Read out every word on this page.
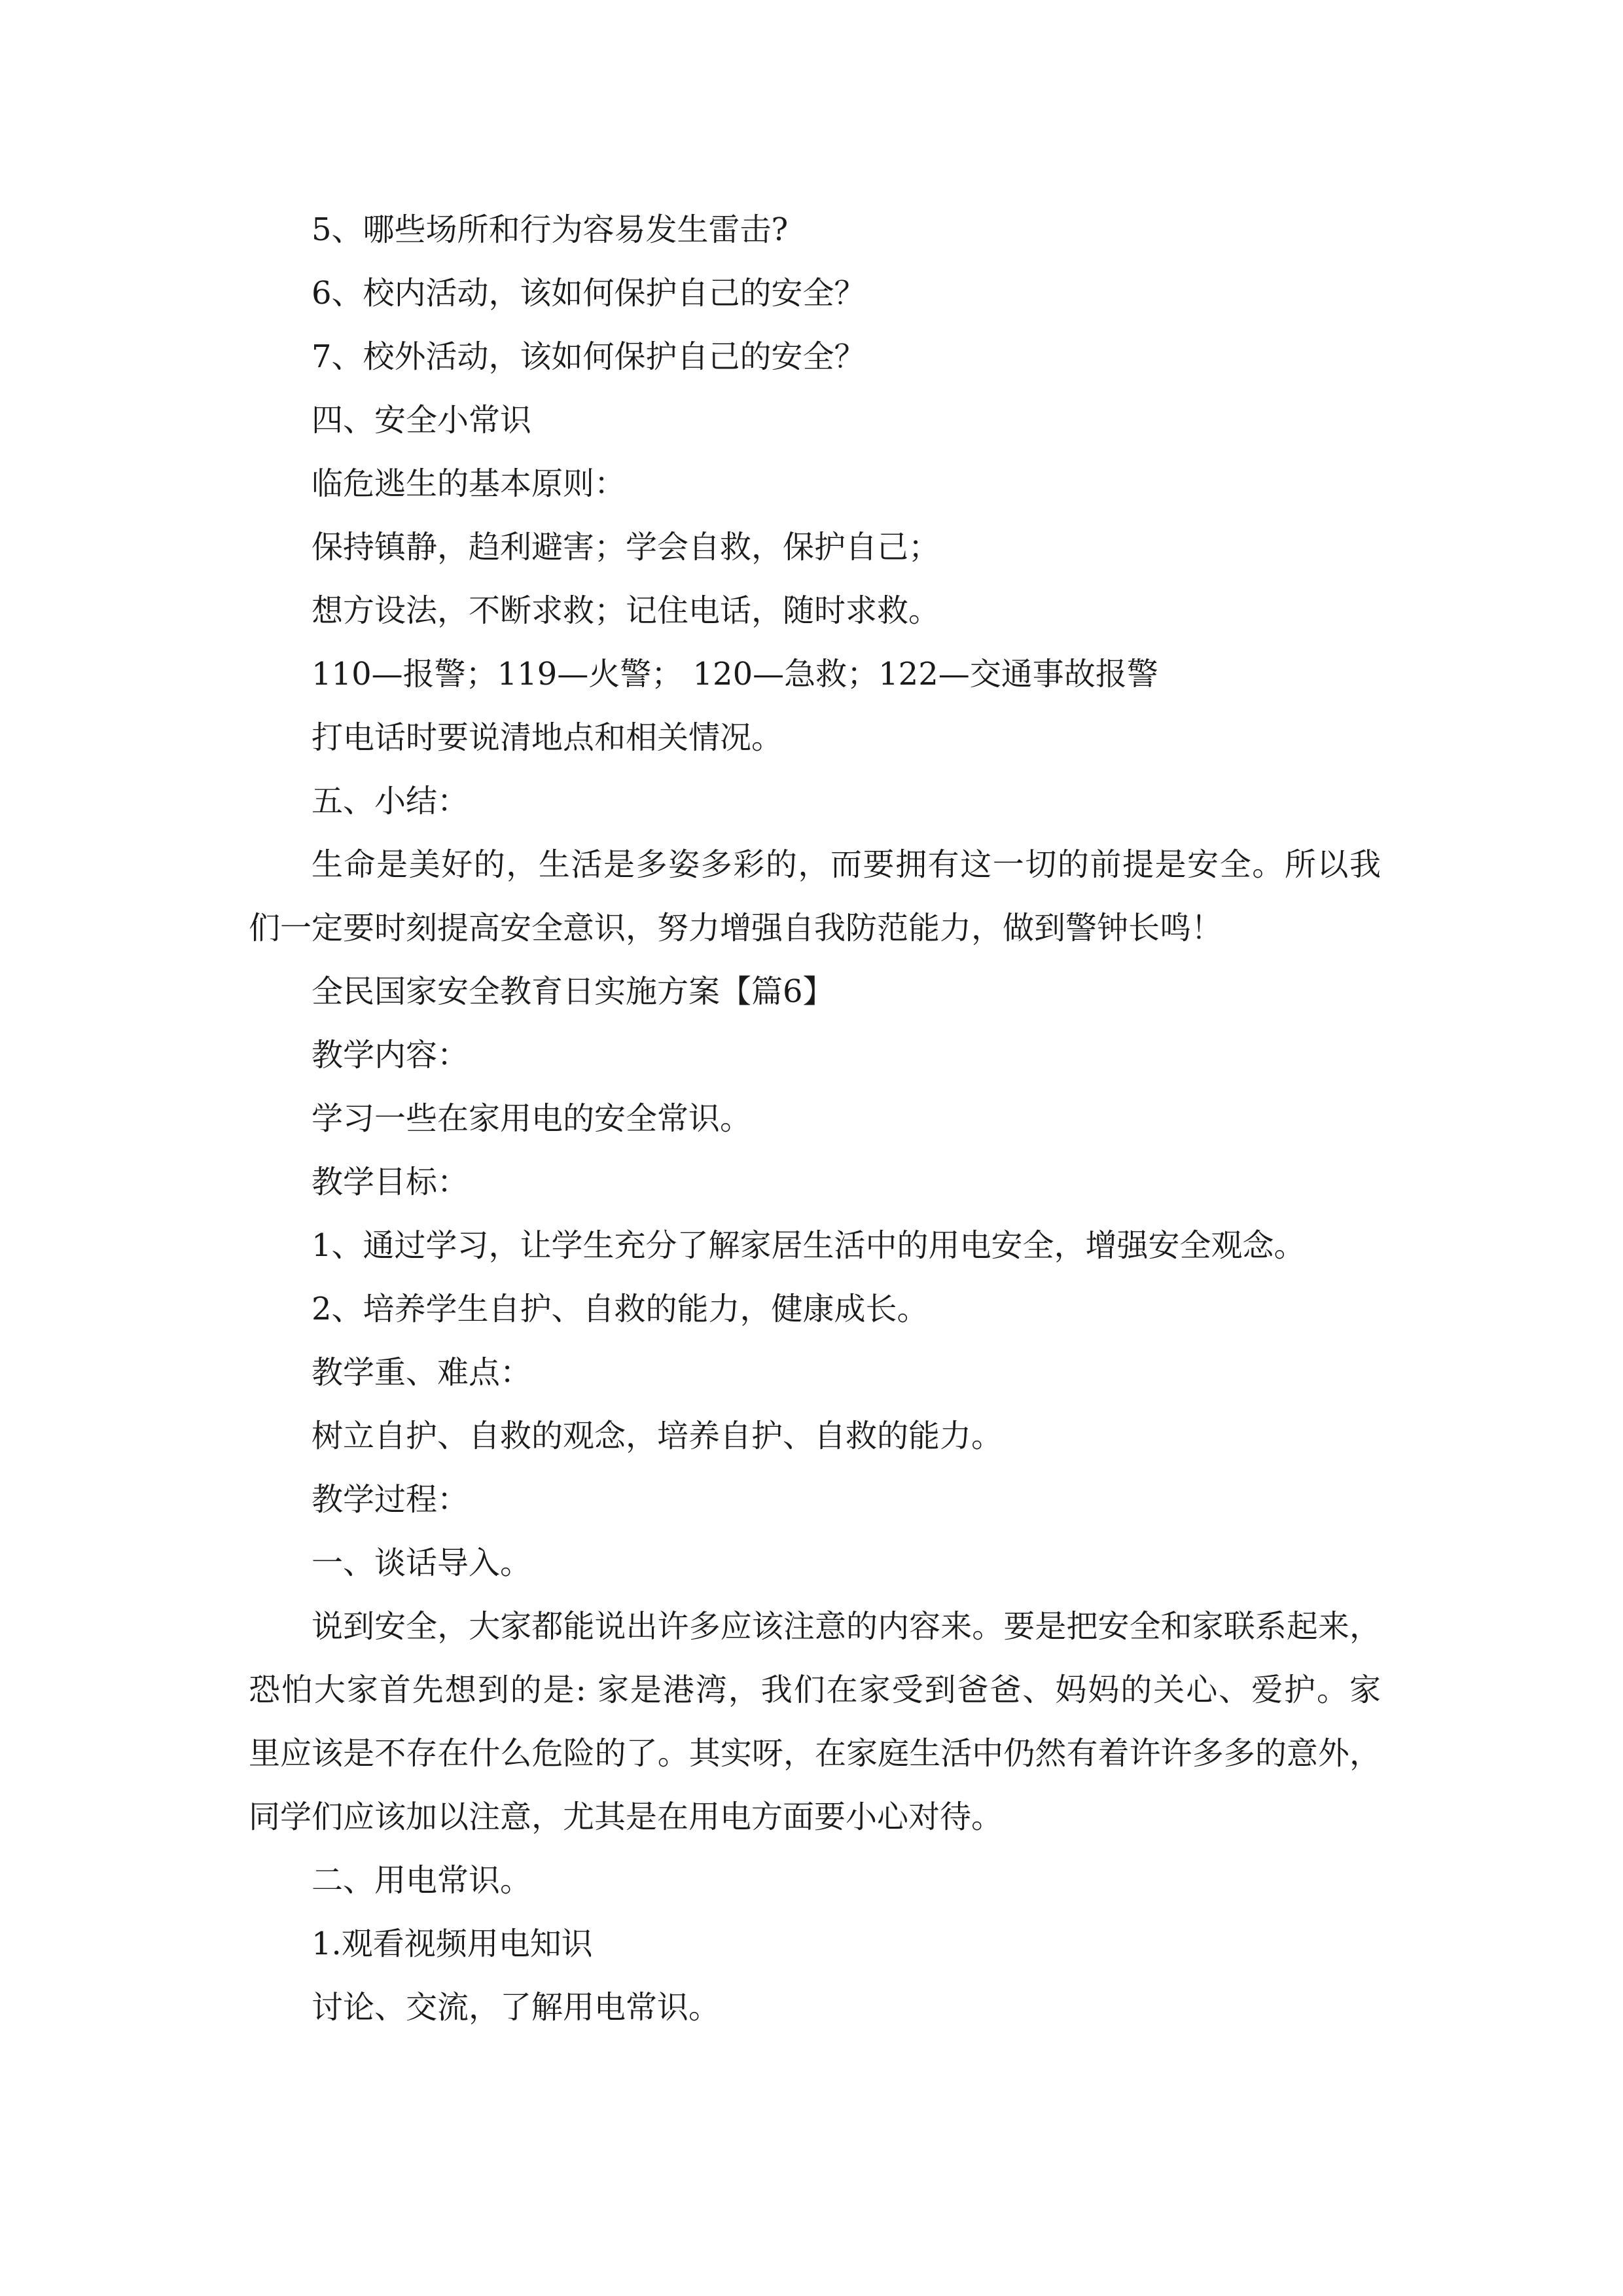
5、哪些场所和行为容易发生雷击?
6、校内活动，该如何保护自己的安全？
7、校外活动，该如何保护自己的安全？
四、安全小常识
临危逃生的基本原则：
保持镇静，趋利避害；学会自救，保护自己；
想方设法，不断求救；记住电话，随时求救。
110—报警；119—火警； 120—急救；122—交通事故报警
打电话时要说清地点和相关情况。
五、小结：
生命是美好的，生活是多姿多彩的，而要拥有这一切的前提是安全。所以我
们一定要时刻提高安全意识，努力增强自我防范能力，做到警钟长鸣！
全民国家安全教育日实施方案【篇6】
教学内容：
学习一些在家用电的安全常识。
教学目标：
1、通过学习，让学生充分了解家居生活中的用电安全，增强安全观念。
2、培养学生自护、自救的能力，健康成长。
教学重、难点：
树立自护、自救的观念，培养自护、自救的能力。
教学过程：
一、谈话导入。
说到安全，大家都能说出许多应该注意的内容来。要是把安全和家联系起来，
恐怕大家首先想到的是: 家是港湾，我们在家受到爸爸、妈妈的关心、爱护。家
里应该是不存在什么危险的了。其实呀，在家庭生活中仍然有着许许多多的意外，
同学们应该加以注意，尤其是在用电方面要小心对待。
二、用电常识。
1.观看视频用电知识
讨论、交流，了解用电常识。
